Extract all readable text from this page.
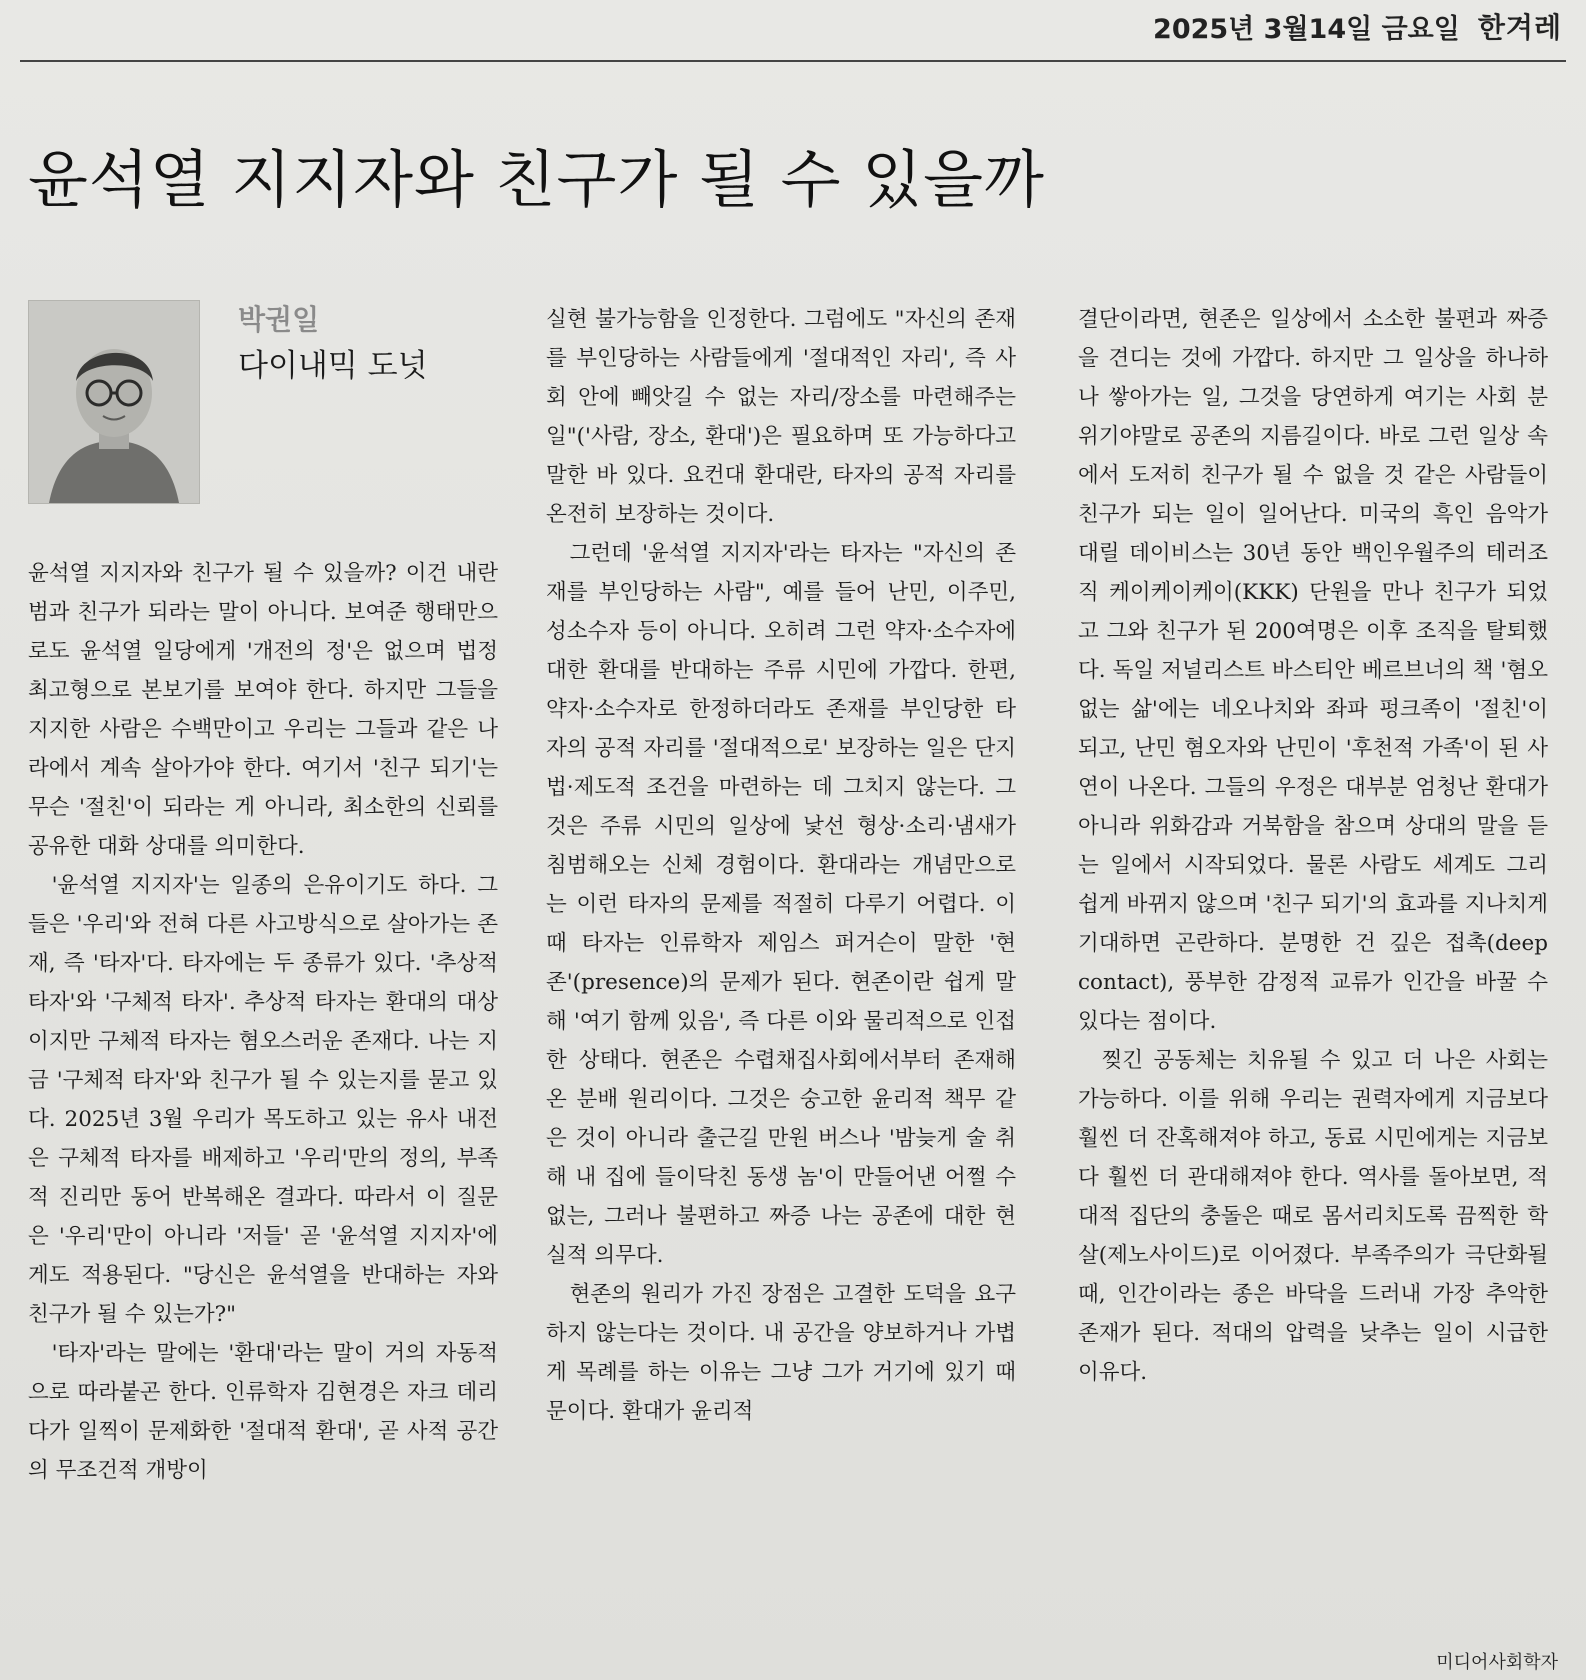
2025년 3월14일 금요일 한겨레
윤석열 지지자와 친구가 될 수 있을까
박권일
다이내믹 도넛

윤석열 지지자와 친구가 될 수 있을까? 이건 내란범과 친구가 되라는 말이 아니다. 보여준 행태만으로도 윤석열 일당에게 '개전의 정'은 없으며 법정 최고형으로 본보기를 보여야 한다. 하지만 그들을 지지한 사람은 수백만이고 우리는 그들과 같은 나라에서 계속 살아가야 한다. 여기서 '친구 되기'는 무슨 '절친'이 되라는 게 아니라, 최소한의 신뢰를 공유한 대화 상대를 의미한다.

'윤석열 지지자'는 일종의 은유이기도 하다. 그들은 '우리'와 전혀 다른 사고방식으로 살아가는 존재, 즉 '타자'다. 타자에는 두 종류가 있다. '추상적 타자'와 '구체적 타자'. 추상적 타자는 환대의 대상이지만 구체적 타자는 혐오스러운 존재다. 나는 지금 '구체적 타자'와 친구가 될 수 있는지를 묻고 있다. 2025년 3월 우리가 목도하고 있는 유사 내전은 구체적 타자를 배제하고 '우리'만의 정의, 부족적 진리만 동어 반복해온 결과다. 따라서 이 질문은 '우리'만이 아니라 '저들' 곧 '윤석열 지지자'에게도 적용된다. "당신은 윤석열을 반대하는 자와 친구가 될 수 있는가?"

'타자'라는 말에는 '환대'라는 말이 거의 자동적으로 따라붙곤 한다. 인류학자 김현경은 자크 데리다가 일찍이 문제화한 '절대적 환대', 곧 사적 공간의 무조건적 개방이

실현 불가능함을 인정한다. 그럼에도 "자신의 존재를 부인당하는 사람들에게 '절대적인 자리', 즉 사회 안에 빼앗길 수 없는 자리/장소를 마련해주는 일"('사람, 장소, 환대')은 필요하며 또 가능하다고 말한 바 있다. 요컨대 환대란, 타자의 공적 자리를 온전히 보장하는 것이다.

그런데 '윤석열 지지자'라는 타자는 "자신의 존재를 부인당하는 사람", 예를 들어 난민, 이주민, 성소수자 등이 아니다. 오히려 그런 약자·소수자에 대한 환대를 반대하는 주류 시민에 가깝다. 한편, 약자·소수자로 한정하더라도 존재를 부인당한 타자의 공적 자리를 '절대적으로' 보장하는 일은 단지 법·제도적 조건을 마련하는 데 그치지 않는다. 그것은 주류 시민의 일상에 낯선 형상·소리·냄새가 침범해오는 신체 경험이다. 환대라는 개념만으로는 이런 타자의 문제를 적절히 다루기 어렵다. 이때 타자는 인류학자 제임스 퍼거슨이 말한 '현존'(presence)의 문제가 된다. 현존이란 쉽게 말해 '여기 함께 있음', 즉 다른 이와 물리적으로 인접한 상태다. 현존은 수렵채집사회에서부터 존재해온 분배 원리이다. 그것은 숭고한 윤리적 책무 같은 것이 아니라 출근길 만원 버스나 '밤늦게 술 취해 내 집에 들이닥친 동생 놈'이 만들어낸 어쩔 수 없는, 그러나 불편하고 짜증 나는 공존에 대한 현실적 의무다.

현존의 원리가 가진 장점은 고결한 도덕을 요구하지 않는다는 것이다. 내 공간을 양보하거나 가볍게 목례를 하는 이유는 그냥 그가 거기에 있기 때문이다. 환대가 윤리적

결단이라면, 현존은 일상에서 소소한 불편과 짜증을 견디는 것에 가깝다. 하지만 그 일상을 하나하나 쌓아가는 일, 그것을 당연하게 여기는 사회 분위기야말로 공존의 지름길이다. 바로 그런 일상 속에서 도저히 친구가 될 수 없을 것 같은 사람들이 친구가 되는 일이 일어난다. 미국의 흑인 음악가 대릴 데이비스는 30년 동안 백인우월주의 테러조직 케이케이케이(KKK) 단원을 만나 친구가 되었고 그와 친구가 된 200여명은 이후 조직을 탈퇴했다. 독일 저널리스트 바스티안 베르브너의 책 '혐오 없는 삶'에는 네오나치와 좌파 펑크족이 '절친'이 되고, 난민 혐오자와 난민이 '후천적 가족'이 된 사연이 나온다. 그들의 우정은 대부분 엄청난 환대가 아니라 위화감과 거북함을 참으며 상대의 말을 듣는 일에서 시작되었다. 물론 사람도 세계도 그리 쉽게 바뀌지 않으며 '친구 되기'의 효과를 지나치게 기대하면 곤란하다. 분명한 건 깊은 접촉(deep contact), 풍부한 감정적 교류가 인간을 바꿀 수 있다는 점이다.

찢긴 공동체는 치유될 수 있고 더 나은 사회는 가능하다. 이를 위해 우리는 권력자에게 지금보다 훨씬 더 잔혹해져야 하고, 동료 시민에게는 지금보다 훨씬 더 관대해져야 한다. 역사를 돌아보면, 적대적 집단의 충돌은 때로 몸서리치도록 끔찍한 학살(제노사이드)로 이어졌다. 부족주의가 극단화될 때, 인간이라는 종은 바닥을 드러내 가장 추악한 존재가 된다. 적대의 압력을 낮추는 일이 시급한 이유다.

미디어사회학자
